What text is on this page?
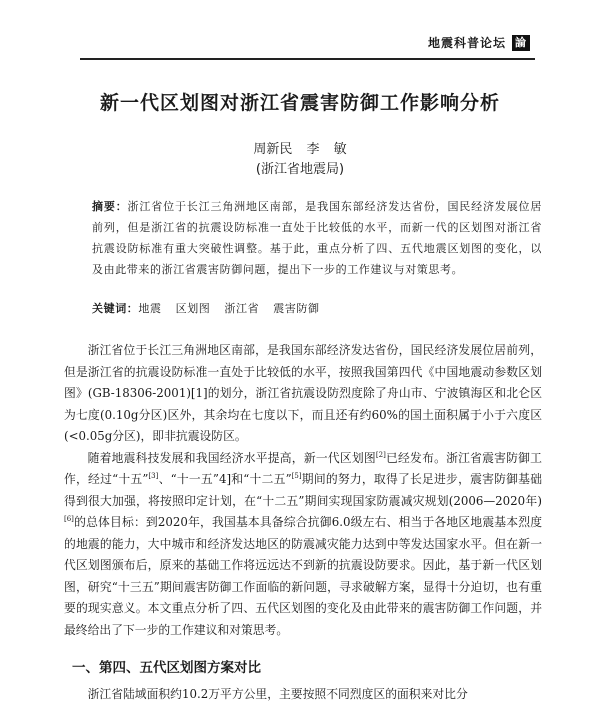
地震科普论坛 論
新一代区划图对浙江省震害防御工作影响分析
周新民 李 敏
(浙江省地震局)
摘要：浙江省位于长江三角洲地区南部，是我国东部经济发达省份，国民经济发展位居前列，但是浙江省的抗震设防标准一直处于比较低的水平，而新一代的区划图对浙江省抗震设防标准有重大突破性调整。基于此，重点分析了四、五代地震区划图的变化，以及由此带来的浙江省震害防御问题，提出下一步的工作建议与对策思考。
关键词：地震 区划图 浙江省 震害防御

浙江省位于长江三角洲地区南部，是我国东部经济发达省份，国民经济发展位居前列，但是浙江省的抗震设防标准一直处于比较低的水平，按照我国第四代《中国地震动参数区划图》(GB-18306-2001)[1]的划分，浙江省抗震设防烈度除了舟山市、宁波镇海区和北仑区为七度(0.10g分区)区外，其余均在七度以下，而且还有约60%的国土面积属于小于六度区(<0.05g分区)，即非抗震设防区。

随着地震科技发展和我国经济水平提高，新一代区划图[2]已经发布。浙江省震害防御工作，经过“十五”[3]、“十一五”4]和“十二五”[5]期间的努力，取得了长足进步，震害防御基础得到很大加强，将按照印定计划，在“十二五”期间实现国家防震减灾规划(2006—2020年)[6]的总体目标：到2020年，我国基本具备综合抗御6.0级左右、相当于各地区地震基本烈度的地震的能力，大中城市和经济发达地区的防震减灾能力达到中等发达国家水平。但在新一代区划图颁布后，原来的基础工作将远远达不到新的抗震设防要求。因此，基于新一代区划图，研究“十三五”期间震害防御工作面临的新问题，寻求破解方案，显得十分迫切，也有重要的现实意义。本文重点分析了四、五代区划图的变化及由此带来的震害防御工作问题，并最终给出了下一步的工作建议和对策思考。

一、第四、五代区划图方案对比
浙江省陆域面积约10.2万平方公里，主要按照不同烈度区的面积来对比分
